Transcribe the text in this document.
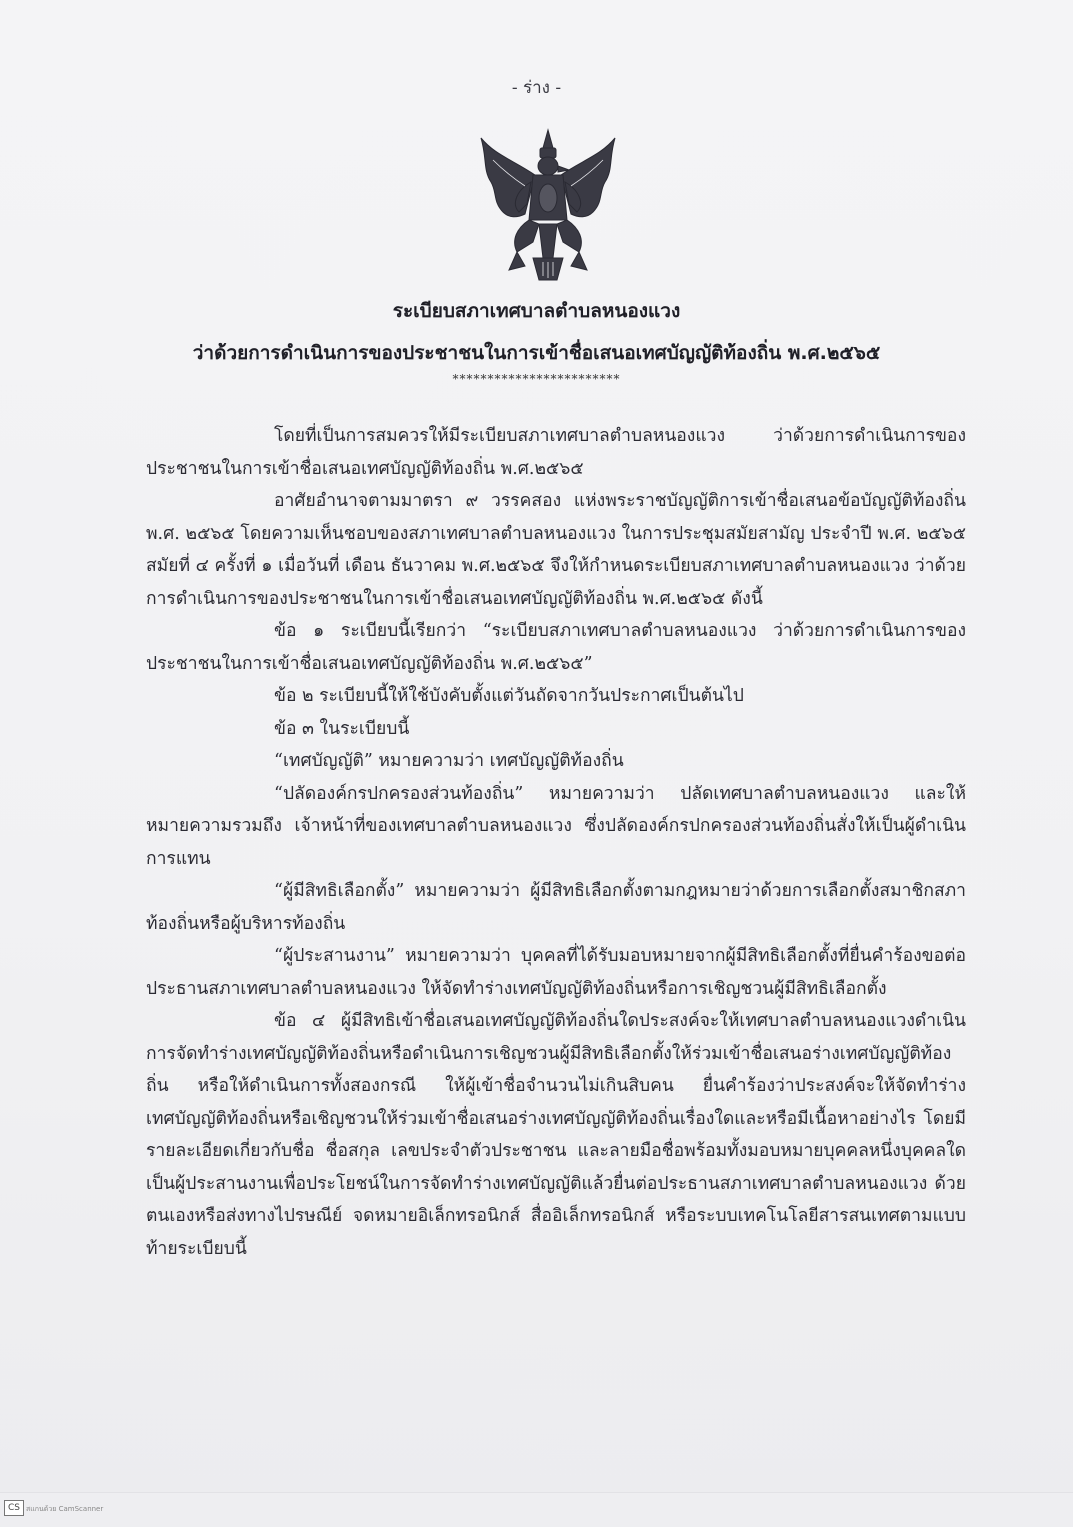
- ร่าง -
ระเบียบสภาเทศบาลตำบลหนองแวง
ว่าด้วยการดำเนินการของประชาชนในการเข้าชื่อเสนอเทศบัญญัติท้องถิ่น พ.ศ.๒๕๖๕
************************

โดยที่เป็นการสมควรให้มีระเบียบสภาเทศบาลตำบลหนองแวง ว่าด้วยการดำเนินการของประชาชนในการเข้าชื่อเสนอเทศบัญญัติท้องถิ่น พ.ศ.๒๕๖๕

อาศัยอำนาจตามมาตรา ๙ วรรคสอง แห่งพระราชบัญญัติการเข้าชื่อเสนอข้อบัญญัติท้องถิ่น พ.ศ. ๒๕๖๕ โดยความเห็นชอบของสภาเทศบาลตำบลหนองแวง ในการประชุมสมัยสามัญ ประจำปี พ.ศ. ๒๕๖๕ สมัยที่ ๔ ครั้งที่ ๑ เมื่อวันที่ เดือน ธันวาคม พ.ศ.๒๕๖๕ จึงให้กำหนดระเบียบสภาเทศบาลตำบลหนองแวง ว่าด้วยการดำเนินการของประชาชนในการเข้าชื่อเสนอเทศบัญญัติท้องถิ่น พ.ศ.๒๕๖๕ ดังนี้

ข้อ ๑ ระเบียบนี้เรียกว่า “ระเบียบสภาเทศบาลตำบลหนองแวง ว่าด้วยการดำเนินการของประชาชนในการเข้าชื่อเสนอเทศบัญญัติท้องถิ่น พ.ศ.๒๕๖๕”

ข้อ ๒ ระเบียบนี้ให้ใช้บังคับตั้งแต่วันถัดจากวันประกาศเป็นต้นไป

ข้อ ๓ ในระเบียบนี้

“เทศบัญญัติ” หมายความว่า เทศบัญญัติท้องถิ่น

“ปลัดองค์กรปกครองส่วนท้องถิ่น” หมายความว่า ปลัดเทศบาลตำบลหนองแวง และให้หมายความรวมถึง เจ้าหน้าที่ของเทศบาลตำบลหนองแวง ซึ่งปลัดองค์กรปกครองส่วนท้องถิ่นสั่งให้เป็นผู้ดำเนินการแทน

“ผู้มีสิทธิเลือกตั้ง” หมายความว่า ผู้มีสิทธิเลือกตั้งตามกฎหมายว่าด้วยการเลือกตั้งสมาชิกสภาท้องถิ่นหรือผู้บริหารท้องถิ่น

“ผู้ประสานงาน” หมายความว่า บุคคลที่ได้รับมอบหมายจากผู้มีสิทธิเลือกตั้งที่ยื่นคำร้องขอต่อประธานสภาเทศบาลตำบลหนองแวง ให้จัดทำร่างเทศบัญญัติท้องถิ่นหรือการเชิญชวนผู้มีสิทธิเลือกตั้ง

ข้อ ๔ ผู้มีสิทธิเข้าชื่อเสนอเทศบัญญัติท้องถิ่นใดประสงค์จะให้เทศบาลตำบลหนองแวงดำเนินการจัดทำร่างเทศบัญญัติท้องถิ่นหรือดำเนินการเชิญชวนผู้มีสิทธิเลือกตั้งให้ร่วมเข้าชื่อเสนอร่างเทศบัญญัติท้องถิ่น หรือให้ดำเนินการทั้งสองกรณี ให้ผู้เข้าชื่อจำนวนไม่เกินสิบคน ยื่นคำร้องว่าประสงค์จะให้จัดทำร่างเทศบัญญัติท้องถิ่นหรือเชิญชวนให้ร่วมเข้าชื่อเสนอร่างเทศบัญญัติท้องถิ่นเรื่องใดและหรือมีเนื้อหาอย่างไร โดยมีรายละเอียดเกี่ยวกับชื่อ ชื่อสกุล เลขประจำตัวประชาชน และลายมือชื่อพร้อมทั้งมอบหมายบุคคลหนึ่งบุคคลใดเป็นผู้ประสานงานเพื่อประโยชน์ในการจัดทำร่างเทศบัญญัติแล้วยื่นต่อประธานสภาเทศบาลตำบลหนองแวง ด้วยตนเองหรือส่งทางไปรษณีย์ จดหมายอิเล็กทรอนิกส์ สื่ออิเล็กทรอนิกส์ หรือระบบเทคโนโลยีสารสนเทศตามแบบท้ายระเบียบนี้

CS สแกนด้วย CamScanner
